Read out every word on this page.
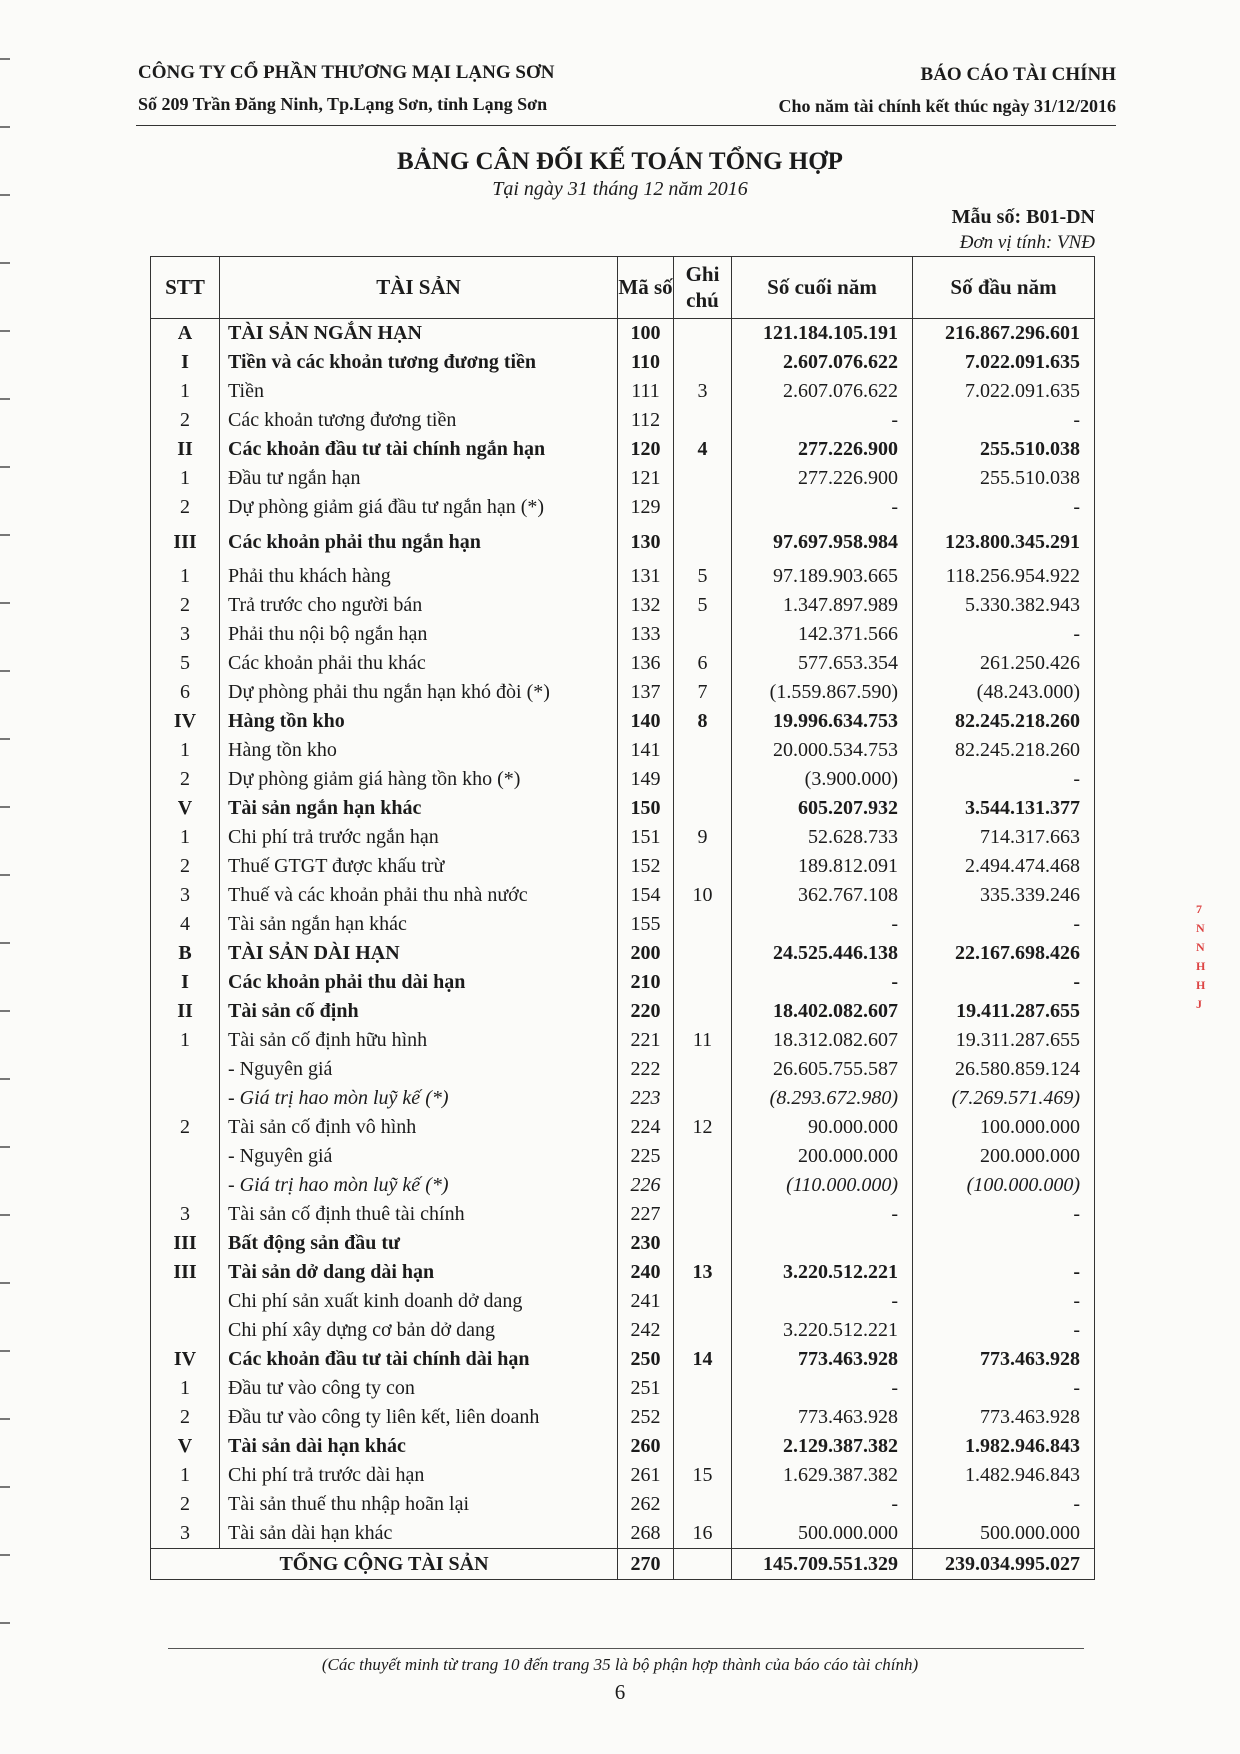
CÔNG TY CỔ PHẦN THƯƠNG MẠI LẠNG SƠN
Số 209 Trần Đăng Ninh, Tp.Lạng Sơn, tỉnh Lạng Sơn
BÁO CÁO TÀI CHÍNH
Cho năm tài chính kết thúc ngày 31/12/2016
BẢNG CÂN ĐỐI KẾ TOÁN TỔNG HỢP
Tại ngày 31 tháng 12 năm 2016
Mẫu số: B01-DN
Đơn vị tính: VNĐ
STT	TÀI SẢN	Mã số	Ghi chú	Số cuối năm	Số đầu năm
A	TÀI SẢN NGẮN HẠN	100		121.184.105.191	216.867.296.601
I	Tiền và các khoản tương đương tiền	110		2.607.076.622	7.022.091.635
1	Tiền	111	3	2.607.076.622	7.022.091.635
2	Các khoản tương đương tiền	112		-	-
II	Các khoản đầu tư tài chính ngắn hạn	120	4	277.226.900	255.510.038
1	Đầu tư ngắn hạn	121		277.226.900	255.510.038
2	Dự phòng giảm giá đầu tư ngắn hạn (*)	129		-	-
III	Các khoản phải thu ngắn hạn	130		97.697.958.984	123.800.345.291
1	Phải thu khách hàng	131	5	97.189.903.665	118.256.954.922
2	Trả trước cho người bán	132	5	1.347.897.989	5.330.382.943
3	Phải thu nội bộ ngắn hạn	133		142.371.566	-
5	Các khoản phải thu khác	136	6	577.653.354	261.250.426
6	Dự phòng phải thu ngắn hạn khó đòi (*)	137	7	(1.559.867.590)	(48.243.000)
IV	Hàng tồn kho	140	8	19.996.634.753	82.245.218.260
1	Hàng tồn kho	141		20.000.534.753	82.245.218.260
2	Dự phòng giảm giá hàng tồn kho (*)	149		(3.900.000)	-
V	Tài sản ngắn hạn khác	150		605.207.932	3.544.131.377
1	Chi phí trả trước ngắn hạn	151	9	52.628.733	714.317.663
2	Thuế GTGT được khấu trừ	152		189.812.091	2.494.474.468
3	Thuế và các khoản phải thu nhà nước	154	10	362.767.108	335.339.246
4	Tài sản ngắn hạn khác	155		-	-
B	TÀI SẢN DÀI HẠN	200		24.525.446.138	22.167.698.426
I	Các khoản phải thu dài hạn	210		-	-
II	Tài sản cố định	220		18.402.082.607	19.411.287.655
1	Tài sản cố định hữu hình	221	11	18.312.082.607	19.311.287.655
	- Nguyên giá	222		26.605.755.587	26.580.859.124
	- Giá trị hao mòn luỹ kế (*)	223		(8.293.672.980)	(7.269.571.469)
2	Tài sản cố định vô hình	224	12	90.000.000	100.000.000
	- Nguyên giá	225		200.000.000	200.000.000
	- Giá trị hao mòn luỹ kế (*)	226		(110.000.000)	(100.000.000)
3	Tài sản cố định thuê tài chính	227		-	-
III	Bất động sản đầu tư	230			
III	Tài sản dở dang dài hạn	240	13	3.220.512.221	-
	Chi phí sản xuất kinh doanh dở dang	241		-	-
	Chi phí xây dựng cơ bản dở dang	242		3.220.512.221	-
IV	Các khoản đầu tư tài chính dài hạn	250	14	773.463.928	773.463.928
1	Đầu tư vào công ty con	251		-	-
2	Đầu tư vào công ty liên kết, liên doanh	252		773.463.928	773.463.928
V	Tài sản dài hạn khác	260		2.129.387.382	1.982.946.843
1	Chi phí trả trước dài hạn	261	15	1.629.387.382	1.482.946.843
2	Tài sản thuế thu nhập hoãn lại	262		-	-
3	Tài sản dài hạn khác	268	16	500.000.000	500.000.000
TỔNG CỘNG TÀI SẢN		270		145.709.551.329	239.034.995.027
(Các thuyết minh từ trang 10 đến trang 35 là bộ phận hợp thành của báo cáo tài chính)
6
7 N N H H J
